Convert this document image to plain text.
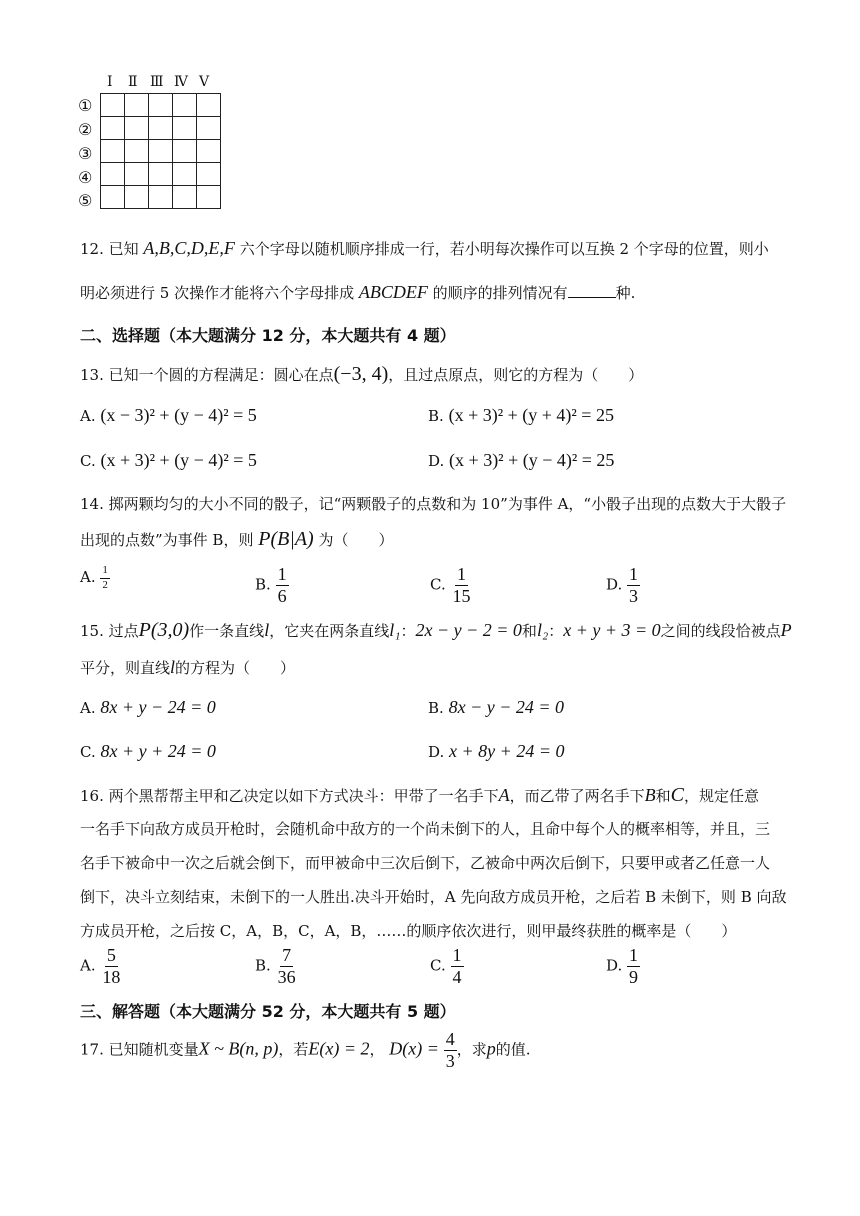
Ⅰ Ⅱ Ⅲ Ⅳ Ⅴ
①
②
③
④
⑤

12. 已知 A,B,C,D,E,F 六个字母以随机顺序排成一行，若小明每次操作可以互换 2 个字母的位置，则小
明必须进行 5 次操作才能将六个字母排成 ABCDEF 的顺序的排列情况有	种.
二、选择题（本大题满分 12 分，本大题共有 4 题）
13. 已知一个圆的方程满足：圆心在点(−3, 4)，且过点原点，则它的方程为（　　）
A. (x − 3)² + (y − 4)² = 5	B. (x + 3)² + (y + 4)² = 25
C. (x + 3)² + (y − 4)² = 5	D. (x + 3)² + (y − 4)² = 25
14. 掷两颗均匀的大小不同的骰子，记“两颗骰子的点数和为 10”为事件 A，“小骰子出现的点数大于大骰子
出现的点数”为事件 B，则 P(B|A) 为（　　）
A. $\frac{1}{2}$	B. $\frac{1}{6}$	C. $\frac{1}{15}$	D. $\frac{1}{3}$
15. 过点P(3,0)作一条直线l，它夹在两条直线l₁：2x − y − 2 = 0和l₂：x + y + 3 = 0之间的线段恰被点P
平分，则直线l的方程为（　　）
A. 8x + y − 24 = 0	B. 8x − y − 24 = 0
C. 8x + y + 24 = 0	D. x + 8y + 24 = 0
16. 两个黑帮帮主甲和乙决定以如下方式决斗：甲带了一名手下A，而乙带了两名手下B和C，规定任意
一名手下向敌方成员开枪时，会随机命中敌方的一个尚未倒下的人，且命中每个人的概率相等，并且，三
名手下被命中一次之后就会倒下，而甲被命中三次后倒下，乙被命中两次后倒下，只要甲或者乙任意一人
倒下，决斗立刻结束，未倒下的一人胜出.决斗开始时，A 先向敌方成员开枪，之后若 B 未倒下，则 B 向敌
方成员开枪，之后按 C，A，B，C，A，B，……的顺序依次进行，则甲最终获胜的概率是（　　）
A. $\frac{5}{18}$	B. $\frac{7}{36}$	C. $\frac{1}{4}$	D. $\frac{1}{9}$
三、解答题（本大题满分 52 分，本大题共有 5 题）
17. 已知随机变量X ~ B(n, p)，若E(x) = 2， $D(x) = \frac{4}{3}$ ，求p的值.
